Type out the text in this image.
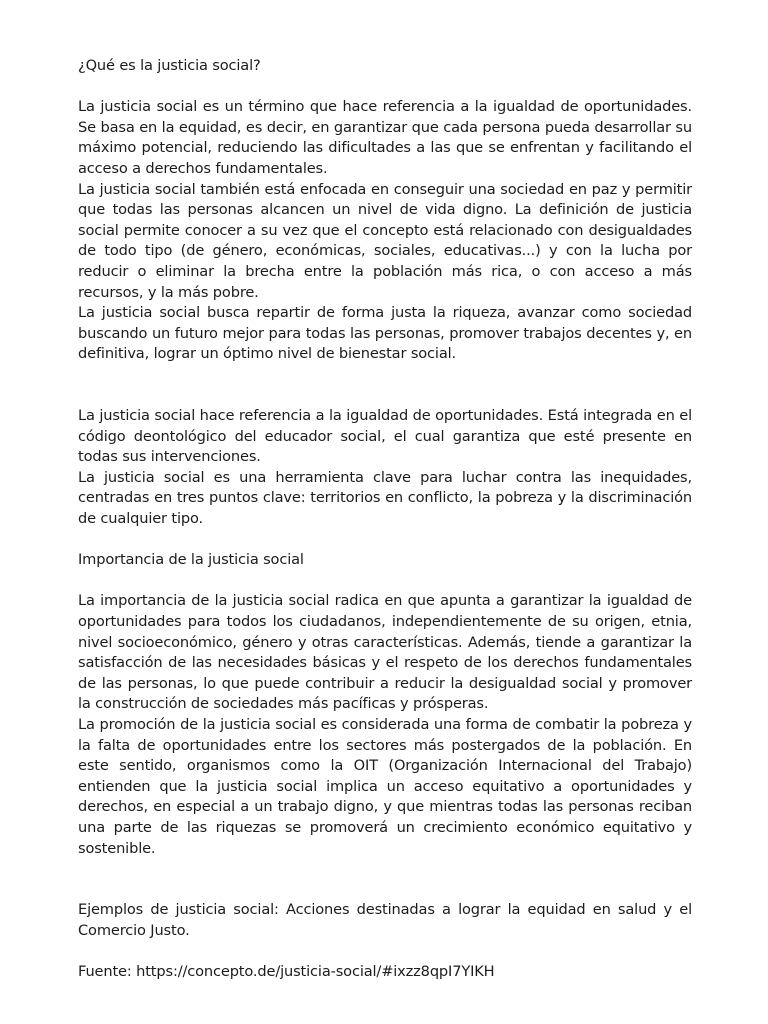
¿Qué es la justicia social?

La justicia social es un término que hace referencia a la igualdad de oportunidades. Se basa en la equidad, es decir, en garantizar que cada persona pueda desarrollar su máximo potencial, reduciendo las dificultades a las que se enfrentan y facilitando el acceso a derechos fundamentales.

La justicia social también está enfocada en conseguir una sociedad en paz y permitir que todas las personas alcancen un nivel de vida digno. La definición de justicia social permite conocer a su vez que el concepto está relacionado con desigualdades de todo tipo (de género, económicas, sociales, educativas...) y con la lucha por reducir o eliminar la brecha entre la población más rica, o con acceso a más recursos, y la más pobre.

La justicia social busca repartir de forma justa la riqueza, avanzar como sociedad buscando un futuro mejor para todas las personas, promover trabajos decentes y, en definitiva, lograr un óptimo nivel de bienestar social.

La justicia social hace referencia a la igualdad de oportunidades. Está integrada en el código deontológico del educador social, el cual garantiza que esté presente en todas sus intervenciones.

La justicia social es una herramienta clave para luchar contra las inequidades, centradas en tres puntos clave: territorios en conflicto, la pobreza y la discriminación de cualquier tipo.

Importancia de la justicia social

La importancia de la justicia social radica en que apunta a garantizar la igualdad de oportunidades para todos los ciudadanos, independientemente de su origen, etnia, nivel socioeconómico, género y otras características. Además, tiende a garantizar la satisfacción de las necesidades básicas y el respeto de los derechos fundamentales de las personas, lo que puede contribuir a reducir la desigualdad social y promover la construcción de sociedades más pacíficas y prósperas.

La promoción de la justicia social es considerada una forma de combatir la pobreza y la falta de oportunidades entre los sectores más postergados de la población. En este sentido, organismos como la OIT (Organización Internacional del Trabajo) entienden que la justicia social implica un acceso equitativo a oportunidades y derechos, en especial a un trabajo digno, y que mientras todas las personas reciban una parte de las riquezas se promoverá un crecimiento económico equitativo y sostenible.

Ejemplos de justicia social: Acciones destinadas a lograr la equidad en salud y el Comercio Justo.

Fuente: https://concepto.de/justicia-social/#ixzz8qpI7YIKH
